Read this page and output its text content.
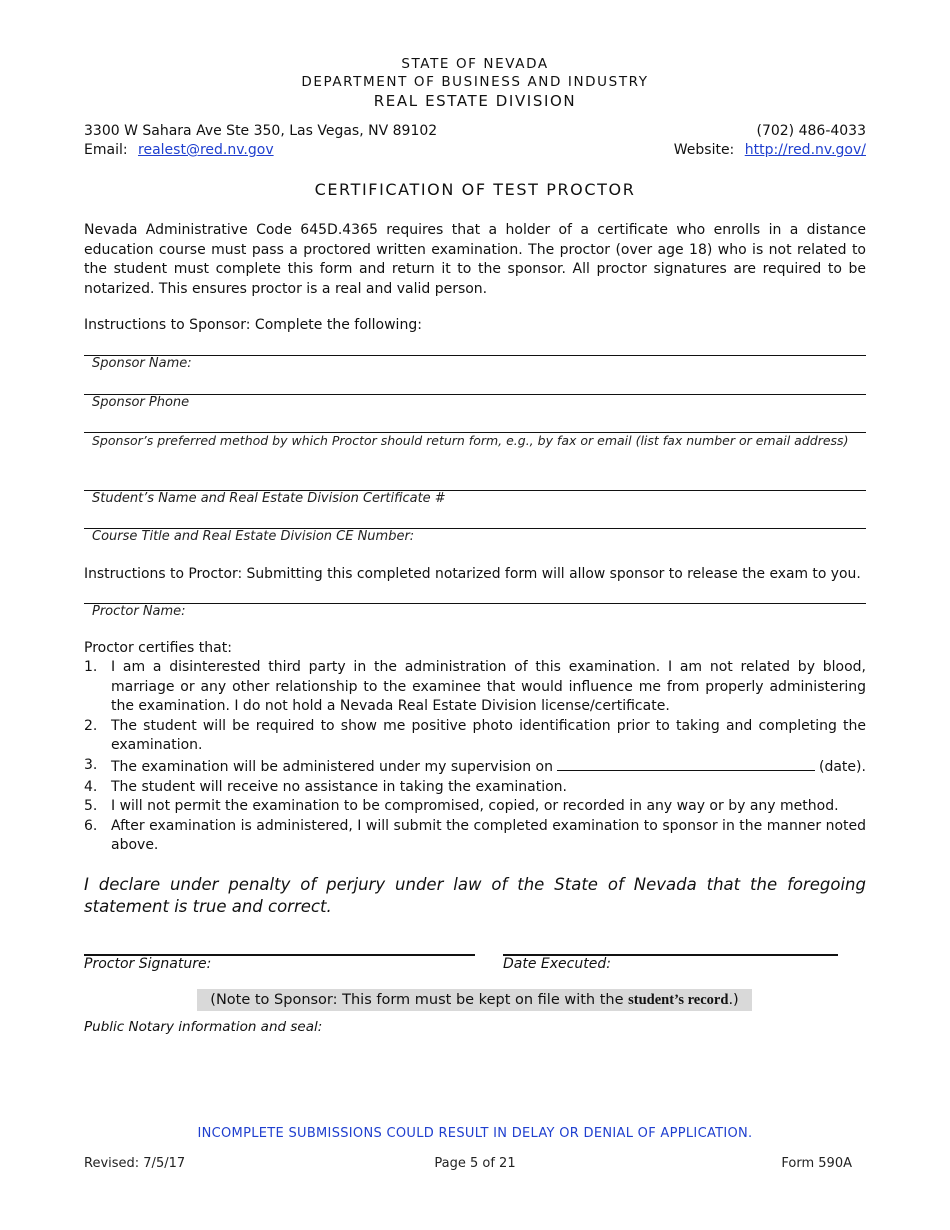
STATE OF NEVADA
DEPARTMENT OF BUSINESS AND INDUSTRY
REAL ESTATE DIVISION
3300 W Sahara Ave Ste 350, Las Vegas, NV 89102	(702) 486-4033
Email: realest@red.nv.gov	Website: http://red.nv.gov/
CERTIFICATION OF TEST PROCTOR
Nevada Administrative Code 645D.4365 requires that a holder of a certificate who enrolls in a distance education course must pass a proctored written examination. The proctor (over age 18) who is not related to the student must complete this form and return it to the sponsor. All proctor signatures are required to be notarized. This ensures proctor is a real and valid person.
Instructions to Sponsor: Complete the following:
Sponsor Name:
Sponsor Phone
Sponsor’s preferred method by which Proctor should return form, e.g., by fax or email (list fax number or email address)
Student’s Name and Real Estate Division Certificate #
Course Title and Real Estate Division CE Number:
Instructions to Proctor: Submitting this completed notarized form will allow sponsor to release the exam to you.
Proctor Name:
Proctor certifies that:
1. I am a disinterested third party in the administration of this examination. I am not related by blood, marriage or any other relationship to the examinee that would influence me from properly administering the examination. I do not hold a Nevada Real Estate Division license/certificate.
2. The student will be required to show me positive photo identification prior to taking and completing the examination.
3. The examination will be administered under my supervision on	(date).
4. The student will receive no assistance in taking the examination.
5. I will not permit the examination to be compromised, copied, or recorded in any way or by any method.
6. After examination is administered, I will submit the completed examination to sponsor in the manner noted above.
I declare under penalty of perjury under law of the State of Nevada that the foregoing statement is true and correct.
Proctor Signature:	Date Executed:
(Note to Sponsor: This form must be kept on file with the student’s record.)
Public Notary information and seal:
INCOMPLETE SUBMISSIONS COULD RESULT IN DELAY OR DENIAL OF APPLICATION.
Revised: 7/5/17	Page 5 of 21	Form 590A
